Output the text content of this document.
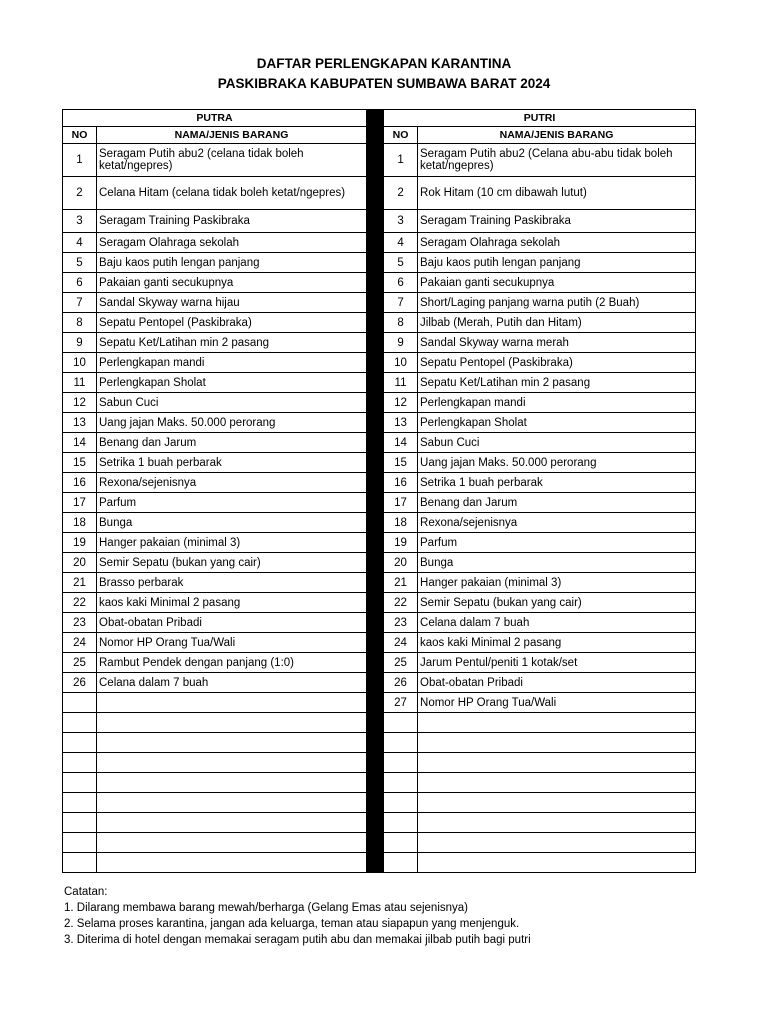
DAFTAR PERLENGKAPAN KARANTINA
PASKIBRAKA KABUPATEN SUMBAWA BARAT 2024
PUTRA			PUTRI	
NO	NAMA/JENIS BARANG		NO	NAMA/JENIS BARANG
1	Seragam Putih abu2 (celana tidak boleh ketat/ngepres)		1	Seragam Putih abu2 (Celana abu-abu tidak boleh ketat/ngepres)
2	Celana Hitam (celana tidak boleh ketat/ngepres)		2	Rok Hitam (10 cm dibawah lutut)
3	Seragam Training Paskibraka		3	Seragam Training Paskibraka
4	Seragam Olahraga sekolah		4	Seragam Olahraga sekolah
5	Baju kaos putih lengan panjang		5	Baju kaos putih lengan panjang
6	Pakaian ganti secukupnya		6	Pakaian ganti secukupnya
7	Sandal Skyway warna hijau		7	Short/Laging panjang warna putih (2 Buah)
8	Sepatu Pentopel (Paskibraka)		8	Jilbab (Merah, Putih dan Hitam)
9	Sepatu Ket/Latihan min 2 pasang		9	Sandal Skyway warna merah
10	Perlengkapan mandi		10	Sepatu Pentopel (Paskibraka)
11	Perlengkapan Sholat		11	Sepatu Ket/Latihan min 2 pasang
12	Sabun Cuci		12	Perlengkapan mandi
13	Uang jajan Maks. 50.000 perorang		13	Perlengkapan Sholat
14	Benang dan Jarum		14	Sabun Cuci
15	Setrika 1 buah perbarak		15	Uang jajan Maks. 50.000 perorang
16	Rexona/sejenisnya		16	Setrika 1 buah perbarak
17	Parfum		17	Benang dan Jarum
18	Bunga		18	Rexona/sejenisnya
19	Hanger pakaian (minimal 3)		19	Parfum
20	Semir Sepatu (bukan yang cair)		20	Bunga
21	Brasso perbarak		21	Hanger pakaian (minimal 3)
22	kaos kaki Minimal 2 pasang		22	Semir Sepatu (bukan yang cair)
23	Obat-obatan Pribadi		23	Celana dalam 7 buah
24	Nomor HP Orang Tua/Wali		24	kaos kaki Minimal 2 pasang
25	Rambut Pendek dengan panjang (1:0)		25	Jarum Pentul/peniti 1 kotak/set
26	Celana dalam 7 buah		26	Obat-obatan Pribadi
			27	Nomor HP Orang Tua/Wali

Catatan:
1. Dilarang membawa barang mewah/berharga (Gelang Emas atau sejenisnya)
2. Selama proses karantina, jangan ada keluarga, teman atau siapapun yang menjenguk.
3. Diterima di hotel dengan memakai seragam putih abu dan memakai jilbab putih bagi putri
